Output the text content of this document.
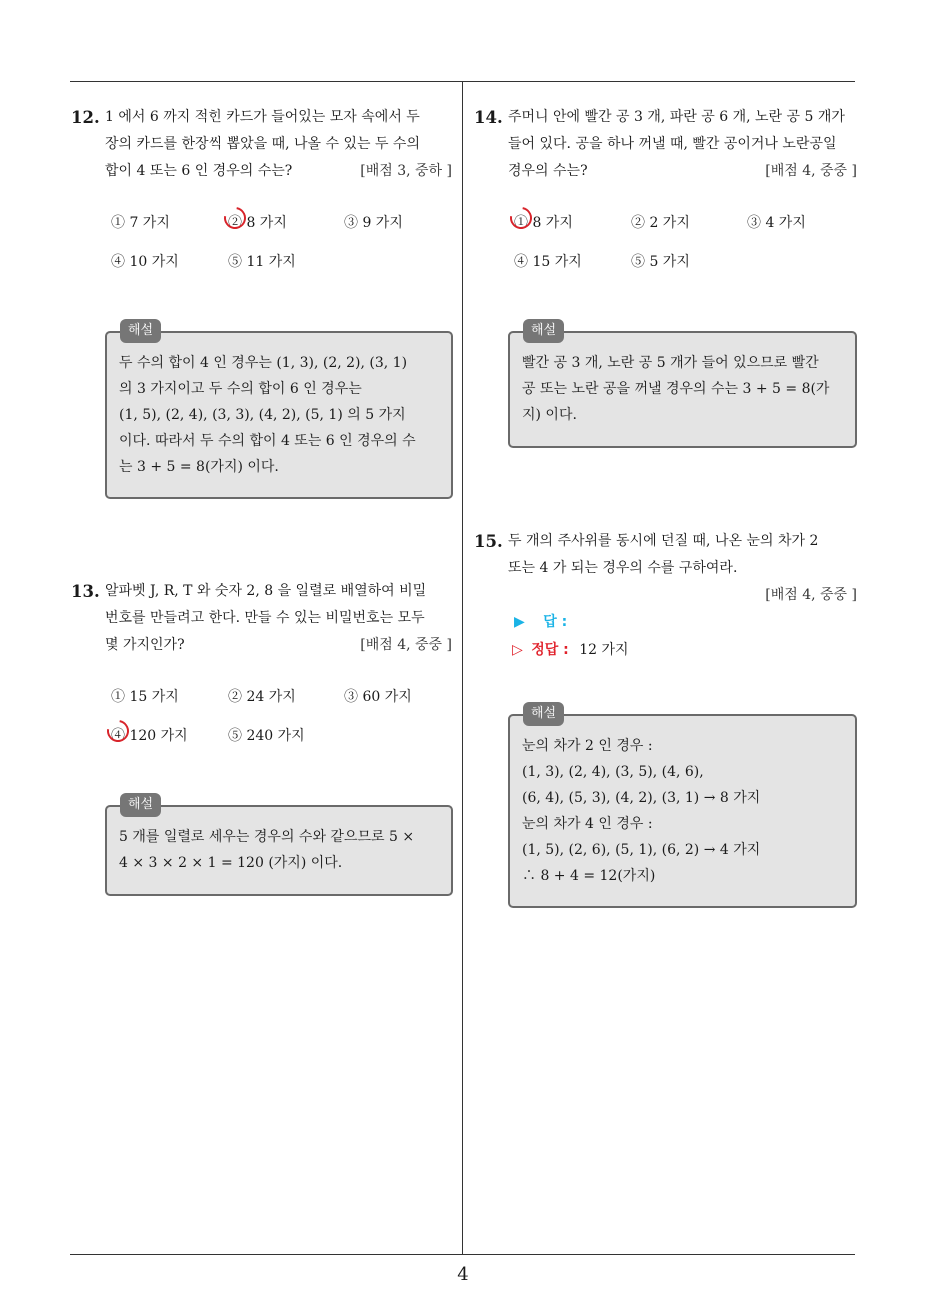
12. 1 에서 6 까지 적힌 카드가 들어있는 모자 속에서 두
장의 카드를 한장씩 뽑았을 때, 나올 수 있는 두 수의
합이 4 또는 6 인 경우의 수는?	[배점 3, 중하 ]
① 7 가지	② 8 가지	③ 9 가지
④ 10 가지	⑤ 11 가지
해설

두 수의 합이 4 인 경우는 (1, 3), (2, 2), (3, 1)

의 3 가지이고 두 수의 합이 6 인 경우는

(1, 5), (2, 4), (3, 3), (4, 2), (5, 1) 의 5 가지

이다. 따라서 두 수의 합이 4 또는 6 인 경우의 수

는 3 + 5 = 8(가지) 이다.

13. 알파벳 J, R, T 와 숫자 2, 8 을 일렬로 배열하여 비밀
번호를 만들려고 한다. 만들 수 있는 비밀번호는 모두
몇 가지인가?	[배점 4, 중중 ]
① 15 가지	② 24 가지	③ 60 가지
④ 120 가지	⑤ 240 가지
해설

5 개를 일렬로 세우는 경우의 수와 같으므로 5 ×

4 × 3 × 2 × 1 = 120 (가지) 이다.

14. 주머니 안에 빨간 공 3 개, 파란 공 6 개, 노란 공 5 개가
들어 있다. 공을 하나 꺼낼 때, 빨간 공이거나 노란공일
경우의 수는?	[배점 4, 중중 ]
① 8 가지	② 2 가지	③ 4 가지
④ 15 가지	⑤ 5 가지
해설

빨간 공 3 개, 노란 공 5 개가 들어 있으므로 빨간

공 또는 노란 공을 꺼낼 경우의 수는 3 + 5 = 8(가

지) 이다.

15. 두 개의 주사위를 동시에 던질 때, 나온 눈의 차가 2
또는 4 가 되는 경우의 수를 구하여라.
[배점 4, 중중 ]
▶ 답 :
▷ 정답 : 12 가지
해설

눈의 차가 2 인 경우 :

(1, 3), (2, 4), (3, 5), (4, 6),

(6, 4), (5, 3), (4, 2), (3, 1) → 8 가지

눈의 차가 4 인 경우 :

(1, 5), (2, 6), (5, 1), (6, 2) → 4 가지

∴ 8 + 4 = 12(가지)

4
